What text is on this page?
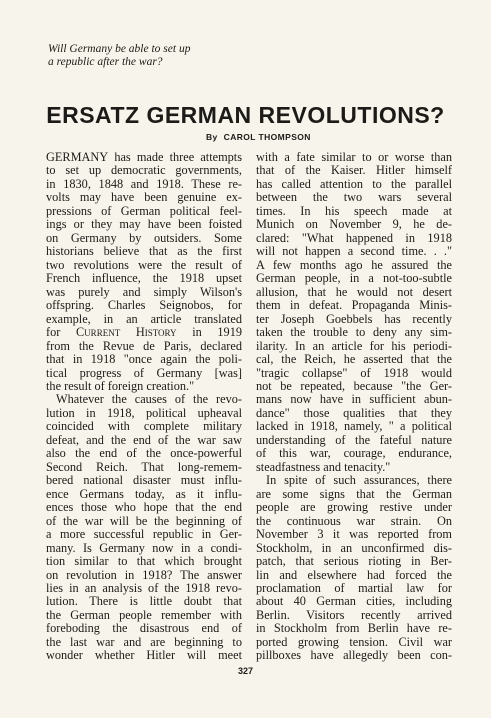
Will Germany be able to set up
a republic after the war?
ERSATZ GERMAN REVOLUTIONS?
By CAROL THOMPSON
GERMANY has made three attempts
to set up democratic governments,
in 1830, 1848 and 1918. These re-
volts may have been genuine ex-
pressions of German political feel-
ings or they may have been foisted
on Germany by outsiders. Some
historians believe that as the first
two revolutions were the result of
French influence, the 1918 upset
was purely and simply Wilson's
offspring. Charles Seignobos, for
example, in an article translated
for Current History in 1919
from the Revue de Paris, declared
that in 1918 "once again the poli-
tical progress of Germany [was]
the result of foreign creation."
Whatever the causes of the revo-
lution in 1918, political upheaval
coincided with complete military
defeat, and the end of the war saw
also the end of the once-powerful
Second Reich. That long-remem-
bered national disaster must influ-
ence Germans today, as it influ-
ences those who hope that the end
of the war will be the beginning of
a more successful republic in Ger-
many. Is Germany now in a condi-
tion similar to that which brought
on revolution in 1918? The answer
lies in an analysis of the 1918 revo-
lution. There is little doubt that
the German people remember with
foreboding the disastrous end of
the last war and are beginning to
wonder whether Hitler will meet
with a fate similar to or worse than
that of the Kaiser. Hitler himself
has called attention to the parallel
between the two wars several
times. In his speech made at
Munich on November 9, he de-
clared: "What happened in 1918
will not happen a second time. . ."
A few months ago he assured the
German people, in a not-too-subtle
allusion, that he would not desert
them in defeat. Propaganda Minis-
ter Joseph Goebbels has recently
taken the trouble to deny any sim-
ilarity. In an article for his periodi-
cal, the Reich, he asserted that the
"tragic collapse" of 1918 would
not be repeated, because "the Ger-
mans now have in sufficient abun-
dance" those qualities that they
lacked in 1918, namely, " a political
understanding of the fateful nature
of this war, courage, endurance,
steadfastness and tenacity."
In spite of such assurances, there
are some signs that the German
people are growing restive under
the continuous war strain. On
November 3 it was reported from
Stockholm, in an unconfirmed dis-
patch, that serious rioting in Ber-
lin and elsewhere had forced the
proclamation of martial law for
about 40 German cities, including
Berlin. Visitors recently arrived
in Stockholm from Berlin have re-
ported growing tension. Civil war
pillboxes have allegedly been con-
327
